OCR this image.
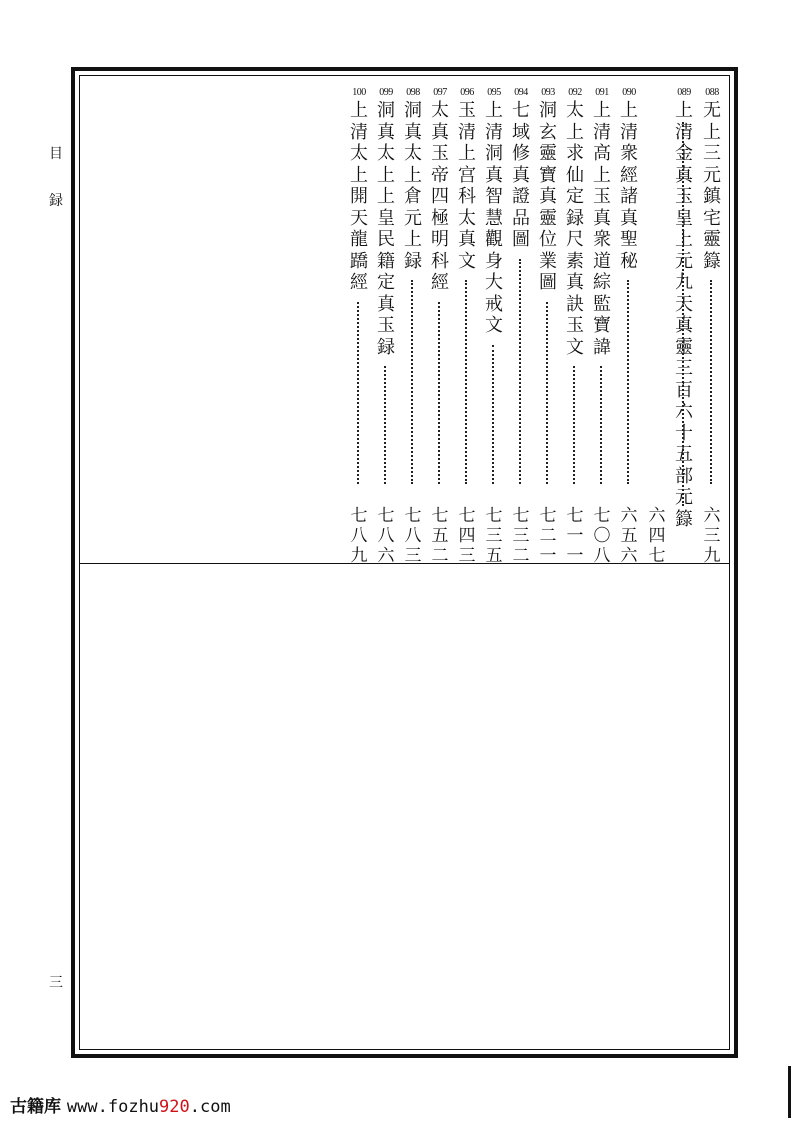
目
録
三
088
无上三元鎮宅靈籙
六三九
089
上清金真玉皇上元九天真靈三百六十五部元籙
六四七
090
上清衆經諸真聖秘
六五六
091
上清高上玉真衆道綜監寶諱
七〇八
092
太上求仙定録尺素真訣玉文
七一一
093
洞玄靈寶真靈位業圖
七二一
094
七域修真證品圖
七三二
095
上清洞真智慧觀身大戒文
七三五
096
玉清上宫科太真文
七四三
097
太真玉帝四極明科經
七五二
098
洞真太上倉元上録
七八三
099
洞真太上上皇民籍定真玉録
七八六
100
上清太上開天龍蹻經
七八九
古籍库 www.fozhu920.com
